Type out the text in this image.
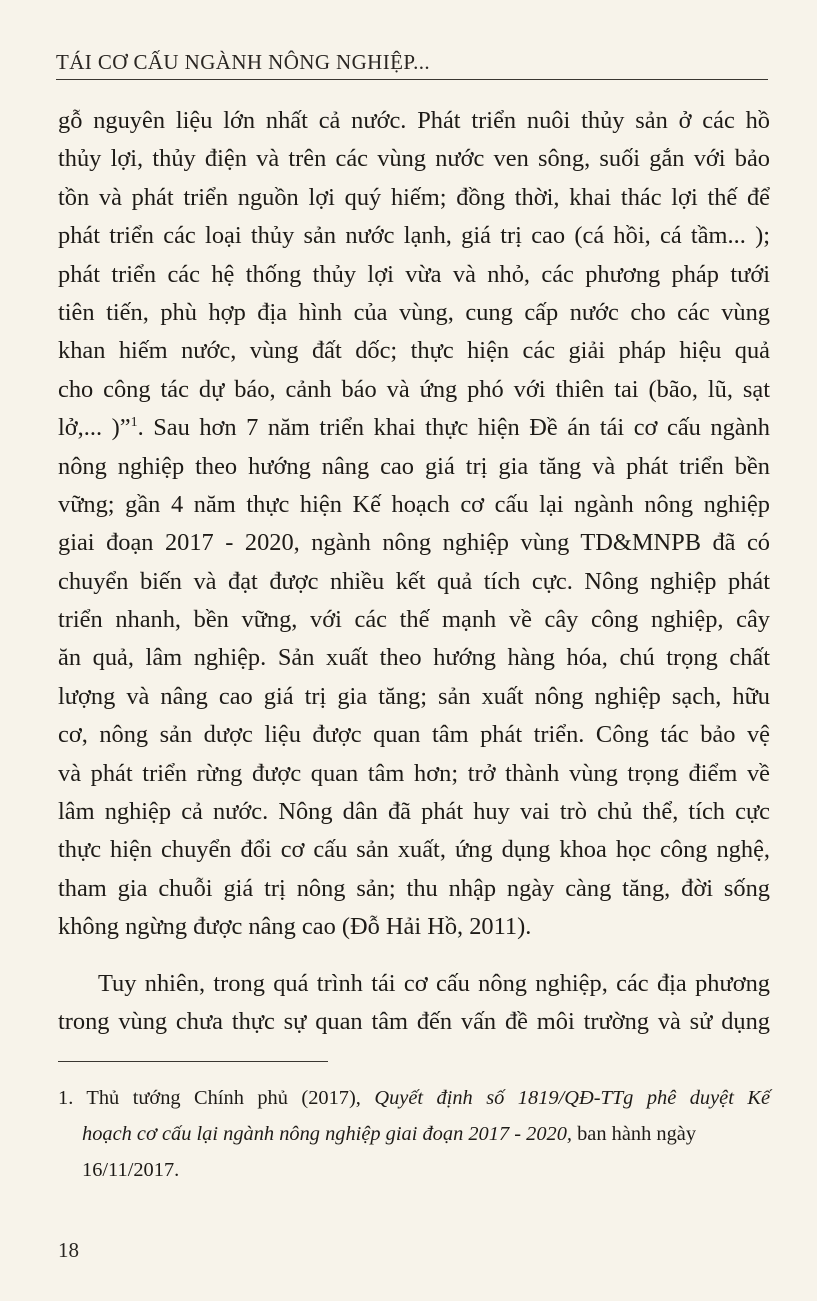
TÁI CƠ CẤU NGÀNH NÔNG NGHIỆP...
gỗ nguyên liệu lớn nhất cả nước. Phát triển nuôi thủy sản ở các hồ
thủy lợi, thủy điện và trên các vùng nước ven sông, suối gắn với bảo
tồn và phát triển nguồn lợi quý hiếm; đồng thời, khai thác lợi thế để
phát triển các loại thủy sản nước lạnh, giá trị cao (cá hồi, cá tầm... );
phát triển các hệ thống thủy lợi vừa và nhỏ, các phương pháp tưới
tiên tiến, phù hợp địa hình của vùng, cung cấp nước cho các vùng
khan hiếm nước, vùng đất dốc; thực hiện các giải pháp hiệu quả
cho công tác dự báo, cảnh báo và ứng phó với thiên tai (bão, lũ, sạt
lở,... )”$^1$. Sau hơn 7 năm triển khai thực hiện Đề án tái cơ cấu ngành
nông nghiệp theo hướng nâng cao giá trị gia tăng và phát triển bền
vững; gần 4 năm thực hiện Kế hoạch cơ cấu lại ngành nông nghiệp
giai đoạn 2017 - 2020, ngành nông nghiệp vùng TD&MNPB đã có
chuyển biến và đạt được nhiều kết quả tích cực. Nông nghiệp phát
triển nhanh, bền vững, với các thế mạnh về cây công nghiệp, cây
ăn quả, lâm nghiệp. Sản xuất theo hướng hàng hóa, chú trọng chất
lượng và nâng cao giá trị gia tăng; sản xuất nông nghiệp sạch, hữu
cơ, nông sản dược liệu được quan tâm phát triển. Công tác bảo vệ
và phát triển rừng được quan tâm hơn; trở thành vùng trọng điểm về
lâm nghiệp cả nước. Nông dân đã phát huy vai trò chủ thể, tích cực
thực hiện chuyển đổi cơ cấu sản xuất, ứng dụng khoa học công nghệ,
tham gia chuỗi giá trị nông sản; thu nhập ngày càng tăng, đời sống
không ngừng được nâng cao (Đỗ Hải Hồ, 2011).
Tuy nhiên, trong quá trình tái cơ cấu nông nghiệp, các địa phương
trong vùng chưa thực sự quan tâm đến vấn đề môi trường và sử dụng
1. Thủ tướng Chính phủ (2017), Quyết định số 1819/QĐ-TTg phê duyệt Kế
hoạch cơ cấu lại ngành nông nghiệp giai đoạn 2017 - 2020, ban hành ngày
16/11/2017.
18
